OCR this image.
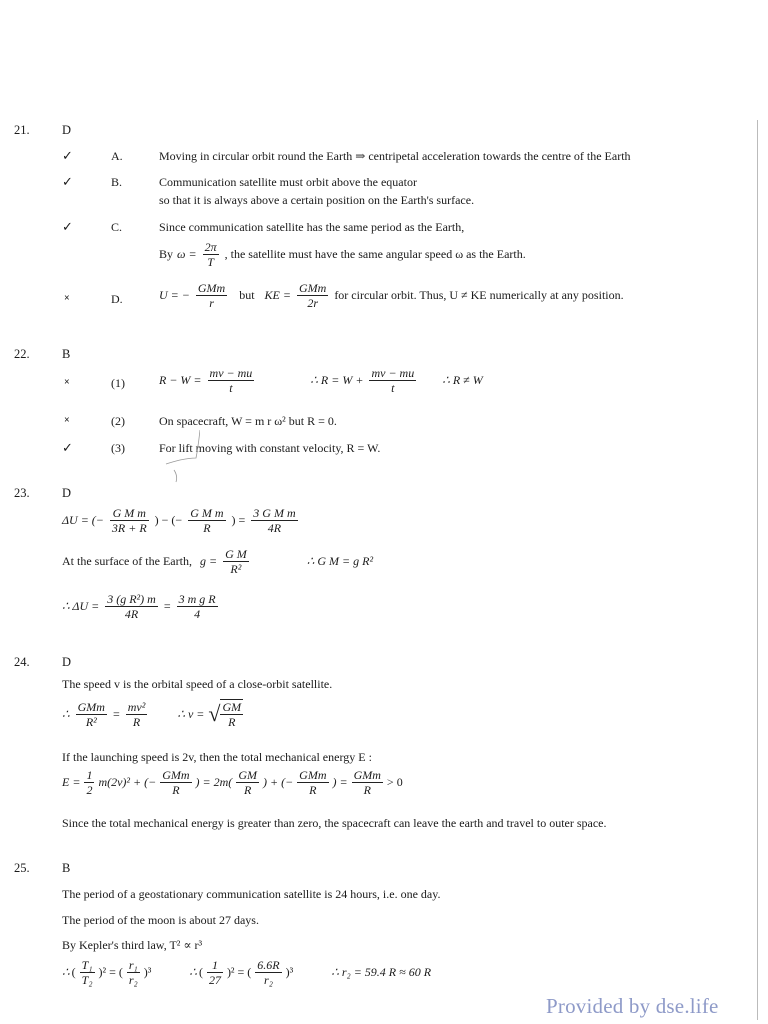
21.	D
✓	A.	Moving in circular orbit round the Earth ⇒ centripetal acceleration towards the centre of the Earth
✓	B.	Communication satellite must orbit above the equator
so that it is always above a certain position on the Earth's surface.
✓	C.	Since communication satellite has the same period as the Earth,
By $\omega = \frac{2\pi}{T}$ , the satellite must have the same angular speed ω as the Earth.
×	D.	U = − $\frac{\text{GMm}}{r}$ but KE = $\frac{\text{GMm}}{2r}$ for circular orbit. Thus, U ≠ KE numerically at any position.
22.	B
×	(1)	$R - W = \frac{mv - mu}{t}$	∴ $R = W + \frac{mv - mu}{t}$ ∴ R ≠ W
×	(2)	On spacecraft, W = m r ω² but R = 0.
✓	(3)	For lift moving with constant velocity, R = W.
23.	D
ΔU = (− $\frac{\text{G M m}}{3R + R}$ ) − (− $\frac{\text{G M m}}{R}$ ) = $\frac{\text{3 G M m}}{4R}$
At the surface of the Earth, $g = \frac{\text{G M}}{\text{R²}}$	∴ G M = g R²
∴ $\Delta U = \frac{\text{3 (g R²) m}}{4R} = \frac{\text{3 m g R}}{4}$
24.	D
The speed v is the orbital speed of a close-orbit satellite.
∴ $\frac{\text{GMm}}{\text{R²}} = \frac{\text{mv²}}{R}$	∴ v = √ $\frac{GM}{R}$
If the launching speed is 2v, then the total mechanical energy E :
$E = \frac{1}{2} m(2v)^2$ + (− $\frac{\text{GMm}}{R}$ ) = $2m( \frac{GM}{R}$ ) + (− $\frac{\text{GMm}}{R}$ ) = $\frac{\text{GMm}}{R} > 0$
Since the total mechanical energy is greater than zero, the spacecraft can leave the earth and travel to outer space.
25.	B
The period of a geostationary communication satellite is 24 hours, i.e. one day.
The period of the moon is about 27 days.
By Kepler's third law, T² ∝ r³
∴ ( $\frac{\text{T₁}}{\text{T₂}} )^2$ = ( $\frac{\text{r₁}}{\text{r₂}} )^3$	∴ ( $\frac{1}{27} )^2$ = ( $\frac{6.6R}{\text{r₂}} )^3$	∴ r₂ = 59.4 R ≈ 60 R
Provided by dse.life
